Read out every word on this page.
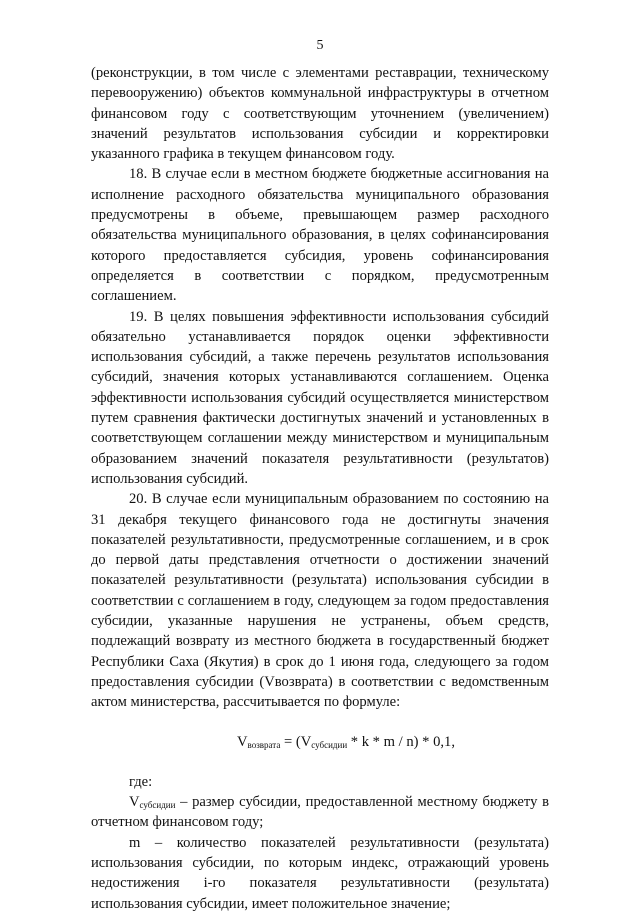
5

(реконструкции, в том числе с элементами реставрации, техническому перевооружению) объектов коммунальной инфраструктуры в отчетном финансовом году с соответствующим уточнением (увеличением) значений результатов использования субсидии и корректировки указанного графика в текущем финансовом году.

18. В случае если в местном бюджете бюджетные ассигнования на исполнение расходного обязательства муниципального образования предусмотрены в объеме, превышающем размер расходного обязательства муниципального образования, в целях софинансирования которого предоставляется субсидия, уровень софинансирования определяется в соответствии с порядком, предусмотренным соглашением.

19. В целях повышения эффективности использования субсидий обязательно устанавливается порядок оценки эффективности использования субсидий, а также перечень результатов использования субсидий, значения которых устанавливаются соглашением. Оценка эффективности использования субсидий осуществляется министерством путем сравнения фактически достигнутых значений и установленных в соответствующем соглашении между министерством и муниципальным образованием значений показателя результативности (результатов) использования субсидий.

20. В случае если муниципальным образованием по состоянию на 31 декабря текущего финансового года не достигнуты значения показателей результативности, предусмотренные соглашением, и в срок до первой даты представления отчетности о достижении значений показателей результативности (результата) использования субсидии в соответствии с соглашением в году, следующем за годом предоставления субсидии, указанные нарушения не устранены, объем средств, подлежащий возврату из местного бюджета в государственный бюджет Республики Саха (Якутия) в срок до 1 июня года, следующего за годом предоставления субсидии (Vвозврата) в соответствии с ведомственным актом министерства, рассчитывается по формуле:

$V_{возврата} = (V_{субсидии} * k * m / n) * 0,1$,

где:

$V_{субсидии}$ – размер субсидии, предоставленной местному бюджету в отчетном финансовом году;

m – количество показателей результативности (результата) использования субсидии, по которым индекс, отражающий уровень недостижения i-го показателя результативности (результата) использования субсидии, имеет положительное значение;
